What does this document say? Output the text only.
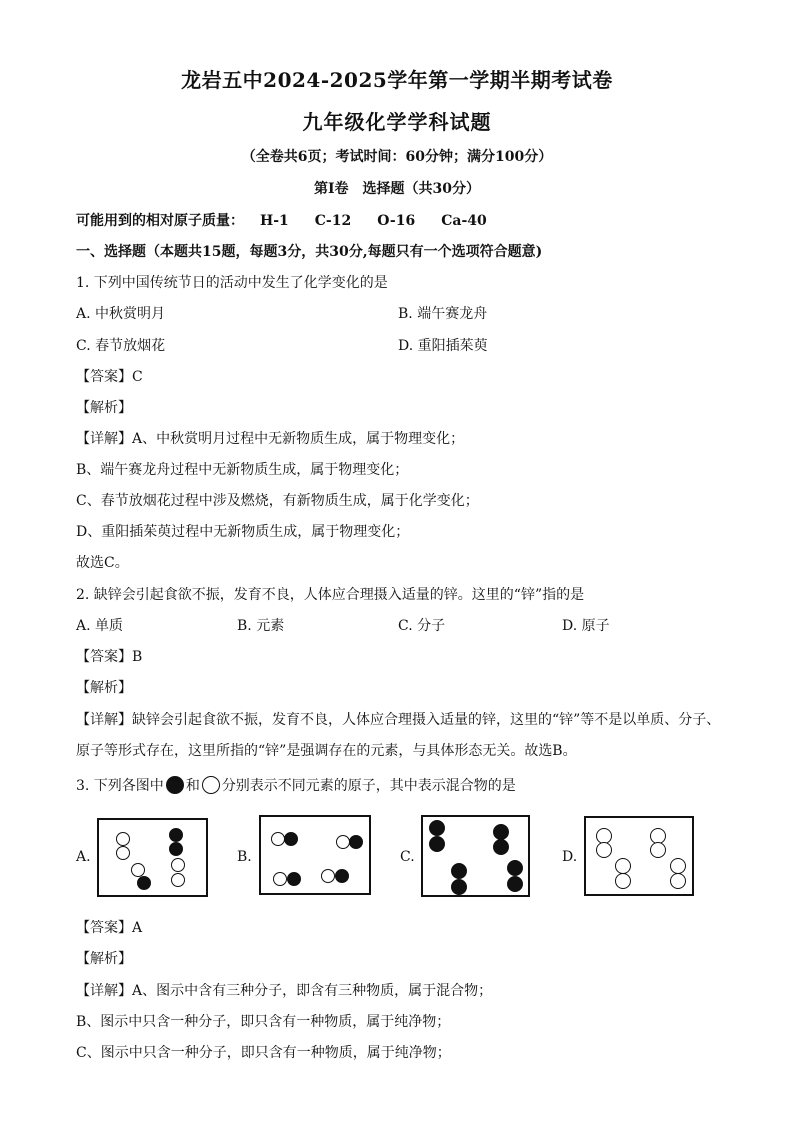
龙岩五中2024-2025学年第一学期半期考试卷
九年级化学学科试题
（全卷共6页；考试时间：60分钟；满分100分）
第Ⅰ卷　选择题（共30分）
可能用到的相对原子质量： H-1 C-12 O-16 Ca-40
一、选择题（本题共15题，每题3分，共30分,每题只有一个选项符合题意)
1. 下列中国传统节日的活动中发生了化学变化的是
A. 中秋赏明月	B. 端午赛龙舟
C. 春节放烟花	D. 重阳插茱萸
【答案】C
【解析】
【详解】A、中秋赏明月过程中无新物质生成，属于物理变化；
B、端午赛龙舟过程中无新物质生成，属于物理变化；
C、春节放烟花过程中涉及燃烧，有新物质生成，属于化学变化；
D、重阳插茱萸过程中无新物质生成，属于物理变化；
故选C。
2. 缺锌会引起食欲不振，发育不良，人体应合理摄入适量的锌。这里的“锌”指的是
A. 单质	B. 元素	C. 分子	D. 原子
【答案】B
【解析】
【详解】缺锌会引起食欲不振，发育不良，人体应合理摄入适量的锌，这里的“锌”等不是以单质、分子、
原子等形式存在，这里所指的“锌”是强调存在的元素，与具体形态无关。故选B。
3. 下列各图中 和 分别表示不同元素的原子，其中表示混合物的是
A.	B.	C.	D.
【答案】A
【解析】
【详解】A、图示中含有三种分子，即含有三种物质，属于混合物；
B、图示中只含一种分子，即只含有一种物质，属于纯净物；
C、图示中只含一种分子，即只含有一种物质，属于纯净物；
